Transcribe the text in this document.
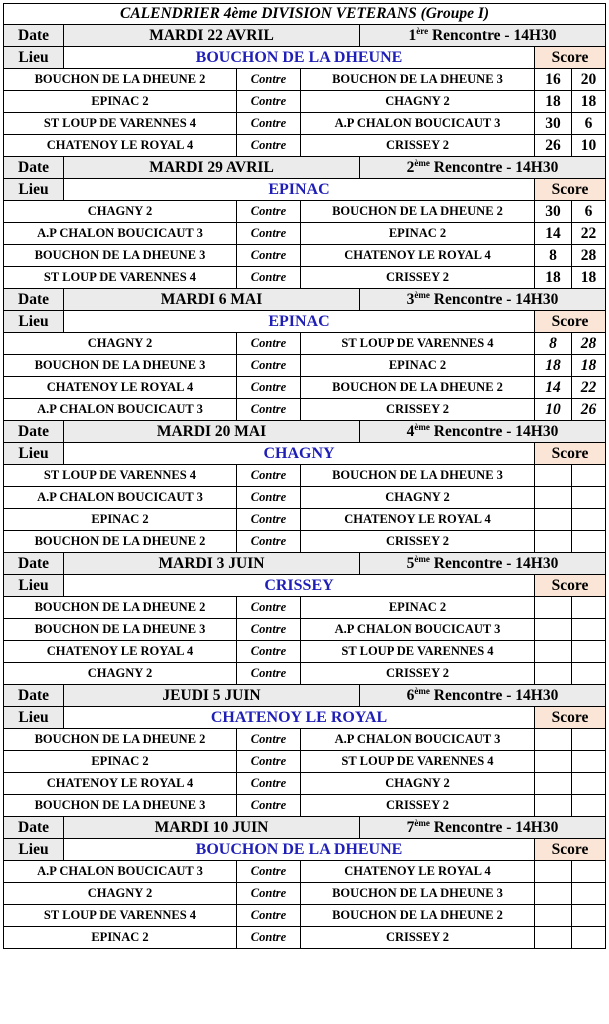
CALENDRIER 4ème DIVISION VETERANS (Groupe I)						
Date	MARDI 22 AVRIL			1ère Rencontre - 14H30		
Lieu	BOUCHON DE LA DHEUNE				Score	
BOUCHON DE LA DHEUNE 2		Contre	BOUCHON DE LA DHEUNE 3		16	20
EPINAC 2		Contre	CHAGNY 2		18	18
ST LOUP DE VARENNES 4		Contre	A.P CHALON BOUCICAUT 3		30	6
CHATENOY LE ROYAL 4		Contre	CRISSEY 2		26	10
Date	MARDI 29 AVRIL			2ème Rencontre - 14H30		
Lieu	EPINAC				Score	
CHAGNY 2		Contre	BOUCHON DE LA DHEUNE 2		30	6
A.P CHALON BOUCICAUT 3		Contre	EPINAC 2		14	22
BOUCHON DE LA DHEUNE 3		Contre	CHATENOY LE ROYAL 4		8	28
ST LOUP DE VARENNES 4		Contre	CRISSEY 2		18	18
Date	MARDI 6 MAI			3ème Rencontre - 14H30		
Lieu	EPINAC				Score	
CHAGNY 2		Contre	ST LOUP DE VARENNES 4		8	28
BOUCHON DE LA DHEUNE 3		Contre	EPINAC 2		18	18
CHATENOY LE ROYAL 4		Contre	BOUCHON DE LA DHEUNE 2		14	22
A.P CHALON BOUCICAUT 3		Contre	CRISSEY 2		10	26
Date	MARDI 20 MAI			4ème Rencontre - 14H30		
Lieu	CHAGNY				Score	
ST LOUP DE VARENNES 4		Contre	BOUCHON DE LA DHEUNE 3			
A.P CHALON BOUCICAUT 3		Contre	CHAGNY 2			
EPINAC 2		Contre	CHATENOY LE ROYAL 4			
BOUCHON DE LA DHEUNE 2		Contre	CRISSEY 2			
Date	MARDI 3 JUIN			5ème Rencontre - 14H30		
Lieu	CRISSEY				Score	
BOUCHON DE LA DHEUNE 2		Contre	EPINAC 2			
BOUCHON DE LA DHEUNE 3		Contre	A.P CHALON BOUCICAUT 3			
CHATENOY LE ROYAL 4		Contre	ST LOUP DE VARENNES 4			
CHAGNY 2		Contre	CRISSEY 2			
Date	JEUDI 5 JUIN			6ème Rencontre - 14H30		
Lieu	CHATENOY LE ROYAL				Score	
BOUCHON DE LA DHEUNE 2		Contre	A.P CHALON BOUCICAUT 3			
EPINAC 2		Contre	ST LOUP DE VARENNES 4			
CHATENOY LE ROYAL 4		Contre	CHAGNY 2			
BOUCHON DE LA DHEUNE 3		Contre	CRISSEY 2			
Date	MARDI 10 JUIN			7ème Rencontre - 14H30		
Lieu	BOUCHON DE LA DHEUNE				Score	
A.P CHALON BOUCICAUT 3		Contre	CHATENOY LE ROYAL 4			
CHAGNY 2		Contre	BOUCHON DE LA DHEUNE 3			
ST LOUP DE VARENNES 4		Contre	BOUCHON DE LA DHEUNE 2			
EPINAC 2		Contre	CRISSEY 2			
